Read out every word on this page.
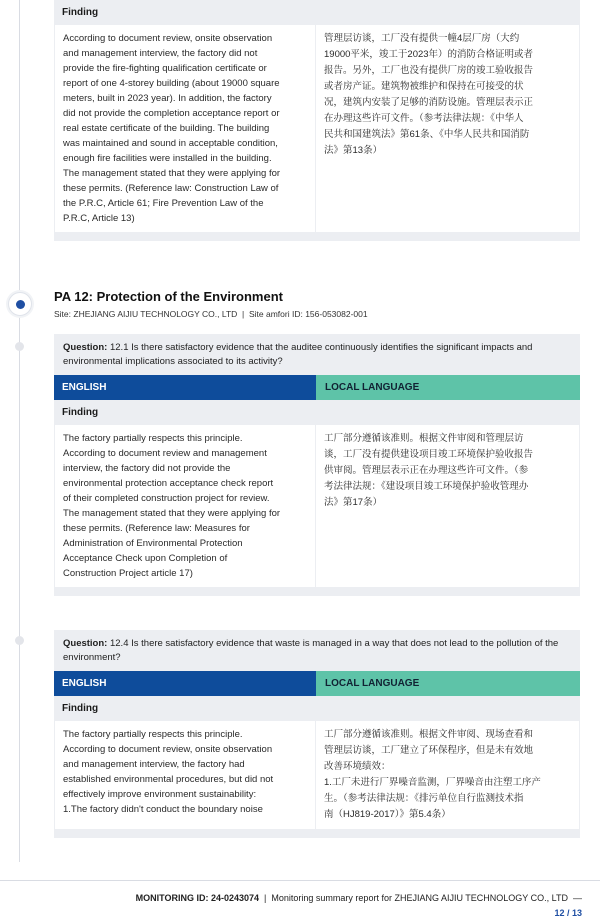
Finding
According to document review, onsite observation
and management interview, the factory did not
provide the fire-fighting qualification certificate or
report of one 4-storey building (about 19000 square
meters, built in 2023 year). In addition, the factory
did not provide the completion acceptance report or
real estate certificate of the building. The building
was maintained and sound in acceptable condition,
enough fire facilities were installed in the building.
The management stated that they were applying for
these permits. (Reference law: Construction Law of
the P.R.C, Article 61; Fire Prevention Law of the
P.R.C, Article 13)
管理层访谈，工厂没有提供一幢4层厂房（大约
19000平米，竣工于2023年）的消防合格证明或者
报告。另外，工厂也没有提供厂房的竣工验收报告
或者房产证。建筑物被维护和保持在可接受的状
况，建筑内安装了足够的消防设施。管理层表示正
在办理这些许可文件。（参考法律法规：《中华人
民共和国建筑法》第61条、《中华人民共和国消防
法》第13条）
PA 12: Protection of the Environment
Site: ZHEJIANG AIJIU TECHNOLOGY CO., LTD | Site amfori ID: 156-053082-001
Question: 12.1 Is there satisfactory evidence that the auditee continuously identifies the significant impacts and environmental implications associated to its activity?
ENGLISH	LOCAL LANGUAGE
Finding
The factory partially respects this principle.
According to document review and management
interview, the factory did not provide the
environmental protection acceptance check report
of their completed construction project for review.
The management stated that they were applying for
these permits. (Reference law: Measures for
Administration of Environmental Protection
Acceptance Check upon Completion of
Construction Project article 17)
工厂部分遵循该准则。根据文件审阅和管理层访
谈，工厂没有提供建设项目竣工环境保护验收报告
供审阅。管理层表示正在办理这些许可文件。（参
考法律法规：《建设项目竣工环境保护验收管理办
法》第17条）
Question: 12.4 Is there satisfactory evidence that waste is managed in a way that does not lead to the pollution of the environment?
ENGLISH	LOCAL LANGUAGE
Finding
The factory partially respects this principle.
According to document review, onsite observation
and management interview, the factory had
established environmental procedures, but did not
effectively improve environment sustainability:
1.The factory didn't conduct the boundary noise
工厂部分遵循该准则。根据文件审阅、现场查看和
管理层访谈，工厂建立了环保程序，但是未有效地
改善环境绩效：
1.工厂未进行厂界噪音监测，厂界噪音由注塑工序产
生。（参考法律法规：《排污单位自行监测技术指
南（HJ819-2017）》第5.4条）
MONITORING ID: 24-0243074 | Monitoring summary report for ZHEJIANG AIJIU TECHNOLOGY CO., LTD —
12 / 13
